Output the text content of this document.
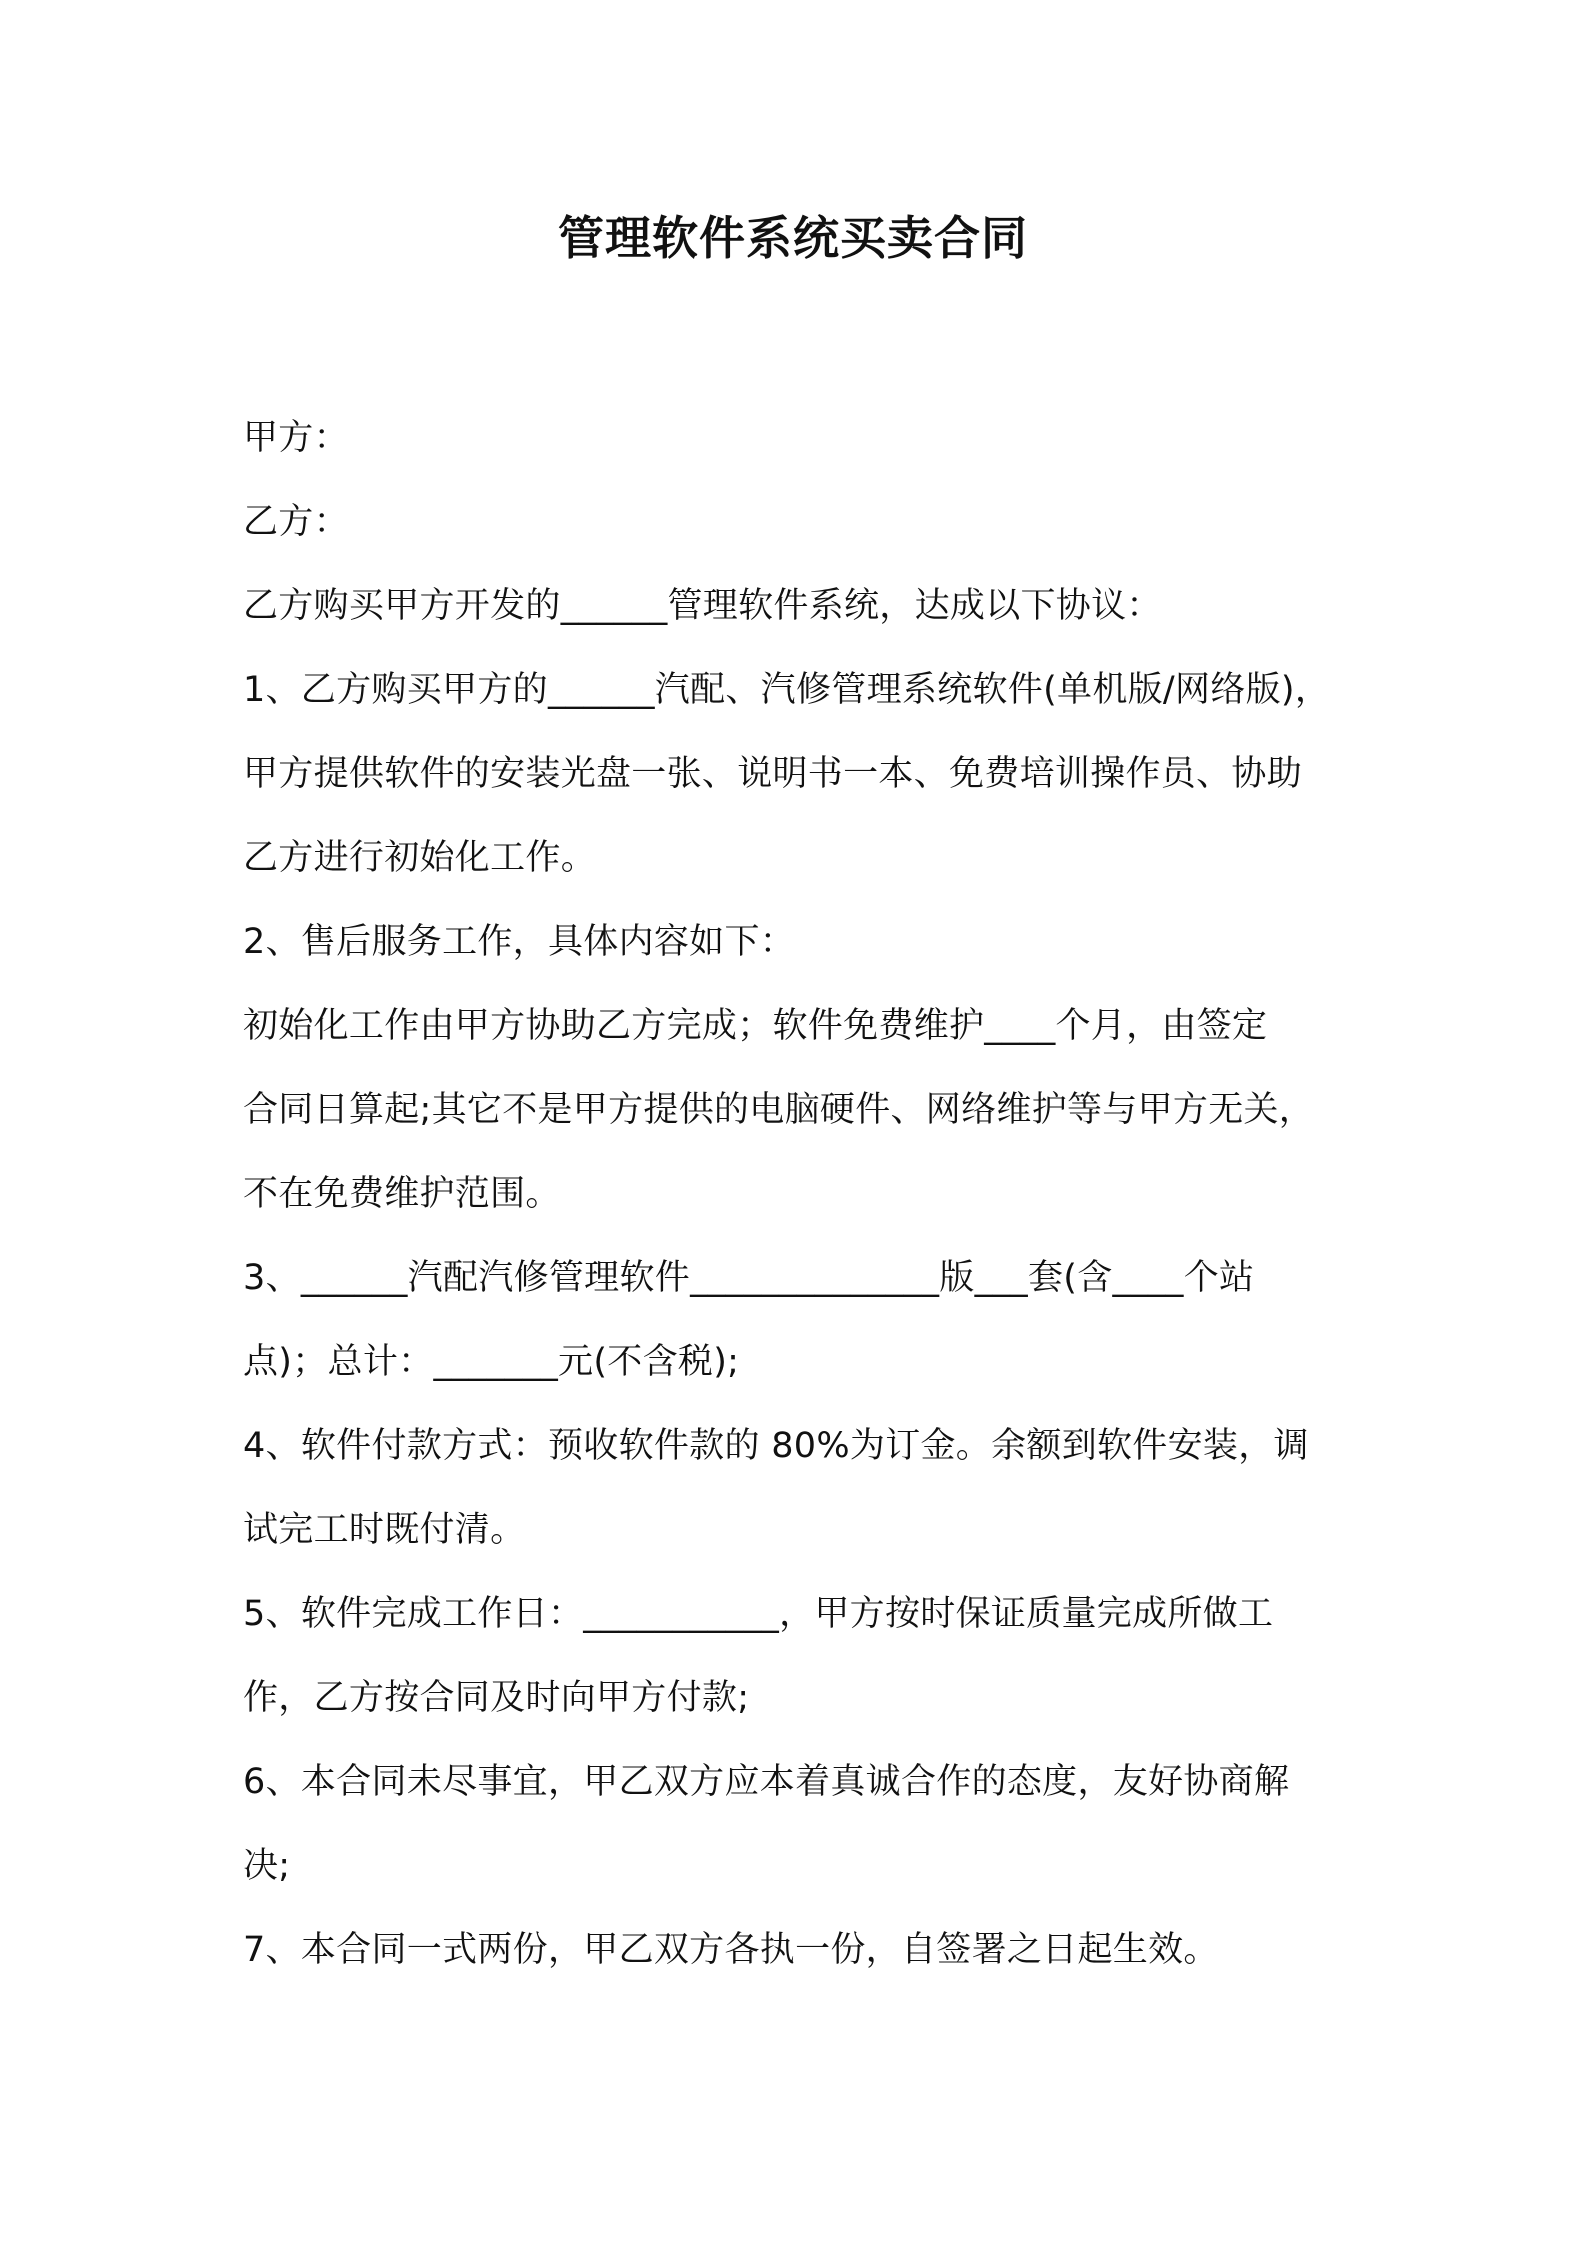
管理软件系统买卖合同
甲方：
乙方：
乙方购买甲方开发的______管理软件系统，达成以下协议：
1、乙方购买甲方的______汽配、汽修管理系统软件(单机版/网络版)，
甲方提供软件的安装光盘一张、说明书一本、免费培训操作员、协助
乙方进行初始化工作。
2、售后服务工作，具体内容如下：
初始化工作由甲方协助乙方完成；软件免费维护____个月，由签定
合同日算起;其它不是甲方提供的电脑硬件、网络维护等与甲方无关，
不在免费维护范围。
3、______汽配汽修管理软件______________版___套(含____个站
点)；总计：_______元(不含税);
4、软件付款方式：预收软件款的 80%为订金。余额到软件安装，调
试完工时既付清。
5、软件完成工作日：___________，甲方按时保证质量完成所做工
作，乙方按合同及时向甲方付款;
6、本合同未尽事宜，甲乙双方应本着真诚合作的态度，友好协商解
决;
7、本合同一式两份，甲乙双方各执一份，自签署之日起生效。
